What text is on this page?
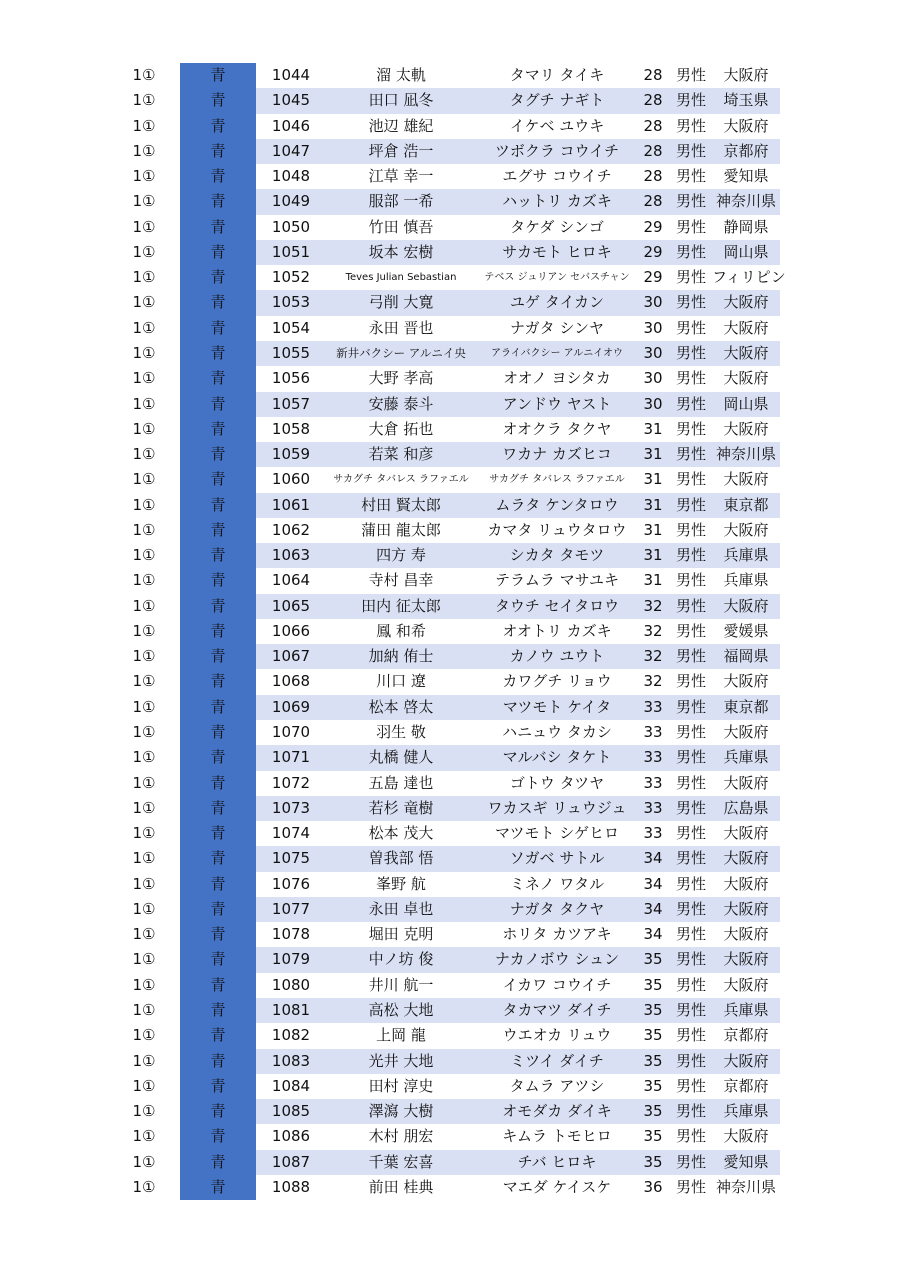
1①	青	1044	溜 太軌	タマリ タイキ	28 男性	大阪府
1①	青	1045	田口 凪冬	タグチ ナギト	28 男性	埼玉県
1①	青	1046	池辺 雄紀	イケベ ユウキ	28 男性	大阪府
1①	青	1047	坪倉 浩一	ツボクラ コウイチ	28 男性	京都府
1①	青	1048	江草 幸一	エグサ コウイチ	28 男性	愛知県
1①	青	1049	服部 一希	ハットリ カズキ	28 男性 神奈川県
1①	青	1050	竹田 慎吾	タケダ シンゴ	29 男性	静岡県
1①	青	1051	坂本 宏樹	サカモト ヒロキ	29 男性	岡山県
1①	青	1052	Teves Julian Sebastian	テベス ジュリアン セバスチャン 29 男性 フィリピン
1①	青	1053	弓削 大寛	ユゲ タイカン	30 男性	大阪府
1①	青	1054	永田 晋也	ナガタ シンヤ	30 男性	大阪府
1①	青	1055	新井バクシー アルニイ央	アライバクシー アルニイオウ	30 男性	大阪府
1①	青	1056	大野 孝高	オオノ ヨシタカ	30 男性	大阪府
1①	青	1057	安藤 泰斗	アンドウ ヤスト	30 男性	岡山県
1①	青	1058	大倉 拓也	オオクラ タクヤ	31 男性	大阪府
1①	青	1059	若菜 和彦	ワカナ カズヒコ	31 男性 神奈川県
1①	青	1060	サカグチ タバレス ラファエル	サカグチ タバレス ラファエル	31 男性	大阪府
1①	青	1061	村田 賢太郎	ムラタ ケンタロウ	31 男性	東京都
1①	青	1062	蒲田 龍太郎	カマタ リュウタロウ	31 男性	大阪府
1①	青	1063	四方 寿	シカタ タモツ	31 男性	兵庫県
1①	青	1064	寺村 昌幸	テラムラ マサユキ	31 男性	兵庫県
1①	青	1065	田内 征太郎	タウチ セイタロウ	32 男性	大阪府
1①	青	1066	鳳 和希	オオトリ カズキ	32 男性	愛媛県
1①	青	1067	加納 侑士	カノウ ユウト	32 男性	福岡県
1①	青	1068	川口 遼	カワグチ リョウ	32 男性	大阪府
1①	青	1069	松本 啓太	マツモト ケイタ	33 男性	東京都
1①	青	1070	羽生 敬	ハニュウ タカシ	33 男性	大阪府
1①	青	1071	丸橋 健人	マルバシ タケト	33 男性	兵庫県
1①	青	1072	五島 達也	ゴトウ タツヤ	33 男性	大阪府
1①	青	1073	若杉 竜樹	ワカスギ リュウジュ	33 男性	広島県
1①	青	1074	松本 茂大	マツモト シゲヒロ	33 男性	大阪府
1①	青	1075	曽我部 悟	ソガベ サトル	34 男性	大阪府
1①	青	1076	峯野 航	ミネノ ワタル	34 男性	大阪府
1①	青	1077	永田 卓也	ナガタ タクヤ	34 男性	大阪府
1①	青	1078	堀田 克明	ホリタ カツアキ	34 男性	大阪府
1①	青	1079	中ノ坊 俊	ナカノボウ シュン	35 男性	大阪府
1①	青	1080	井川 航一	イカワ コウイチ	35 男性	大阪府
1①	青	1081	高松 大地	タカマツ ダイチ	35 男性	兵庫県
1①	青	1082	上岡 龍	ウエオカ リュウ	35 男性	京都府
1①	青	1083	光井 大地	ミツイ ダイチ	35 男性	大阪府
1①	青	1084	田村 淳史	タムラ アツシ	35 男性	京都府
1①	青	1085	澤瀉 大樹	オモダカ ダイキ	35 男性	兵庫県
1①	青	1086	木村 朋宏	キムラ トモヒロ	35 男性	大阪府
1①	青	1087	千葉 宏喜	チバ ヒロキ	35 男性	愛知県
1①	青	1088	前田 桂典	マエダ ケイスケ	36 男性 神奈川県
